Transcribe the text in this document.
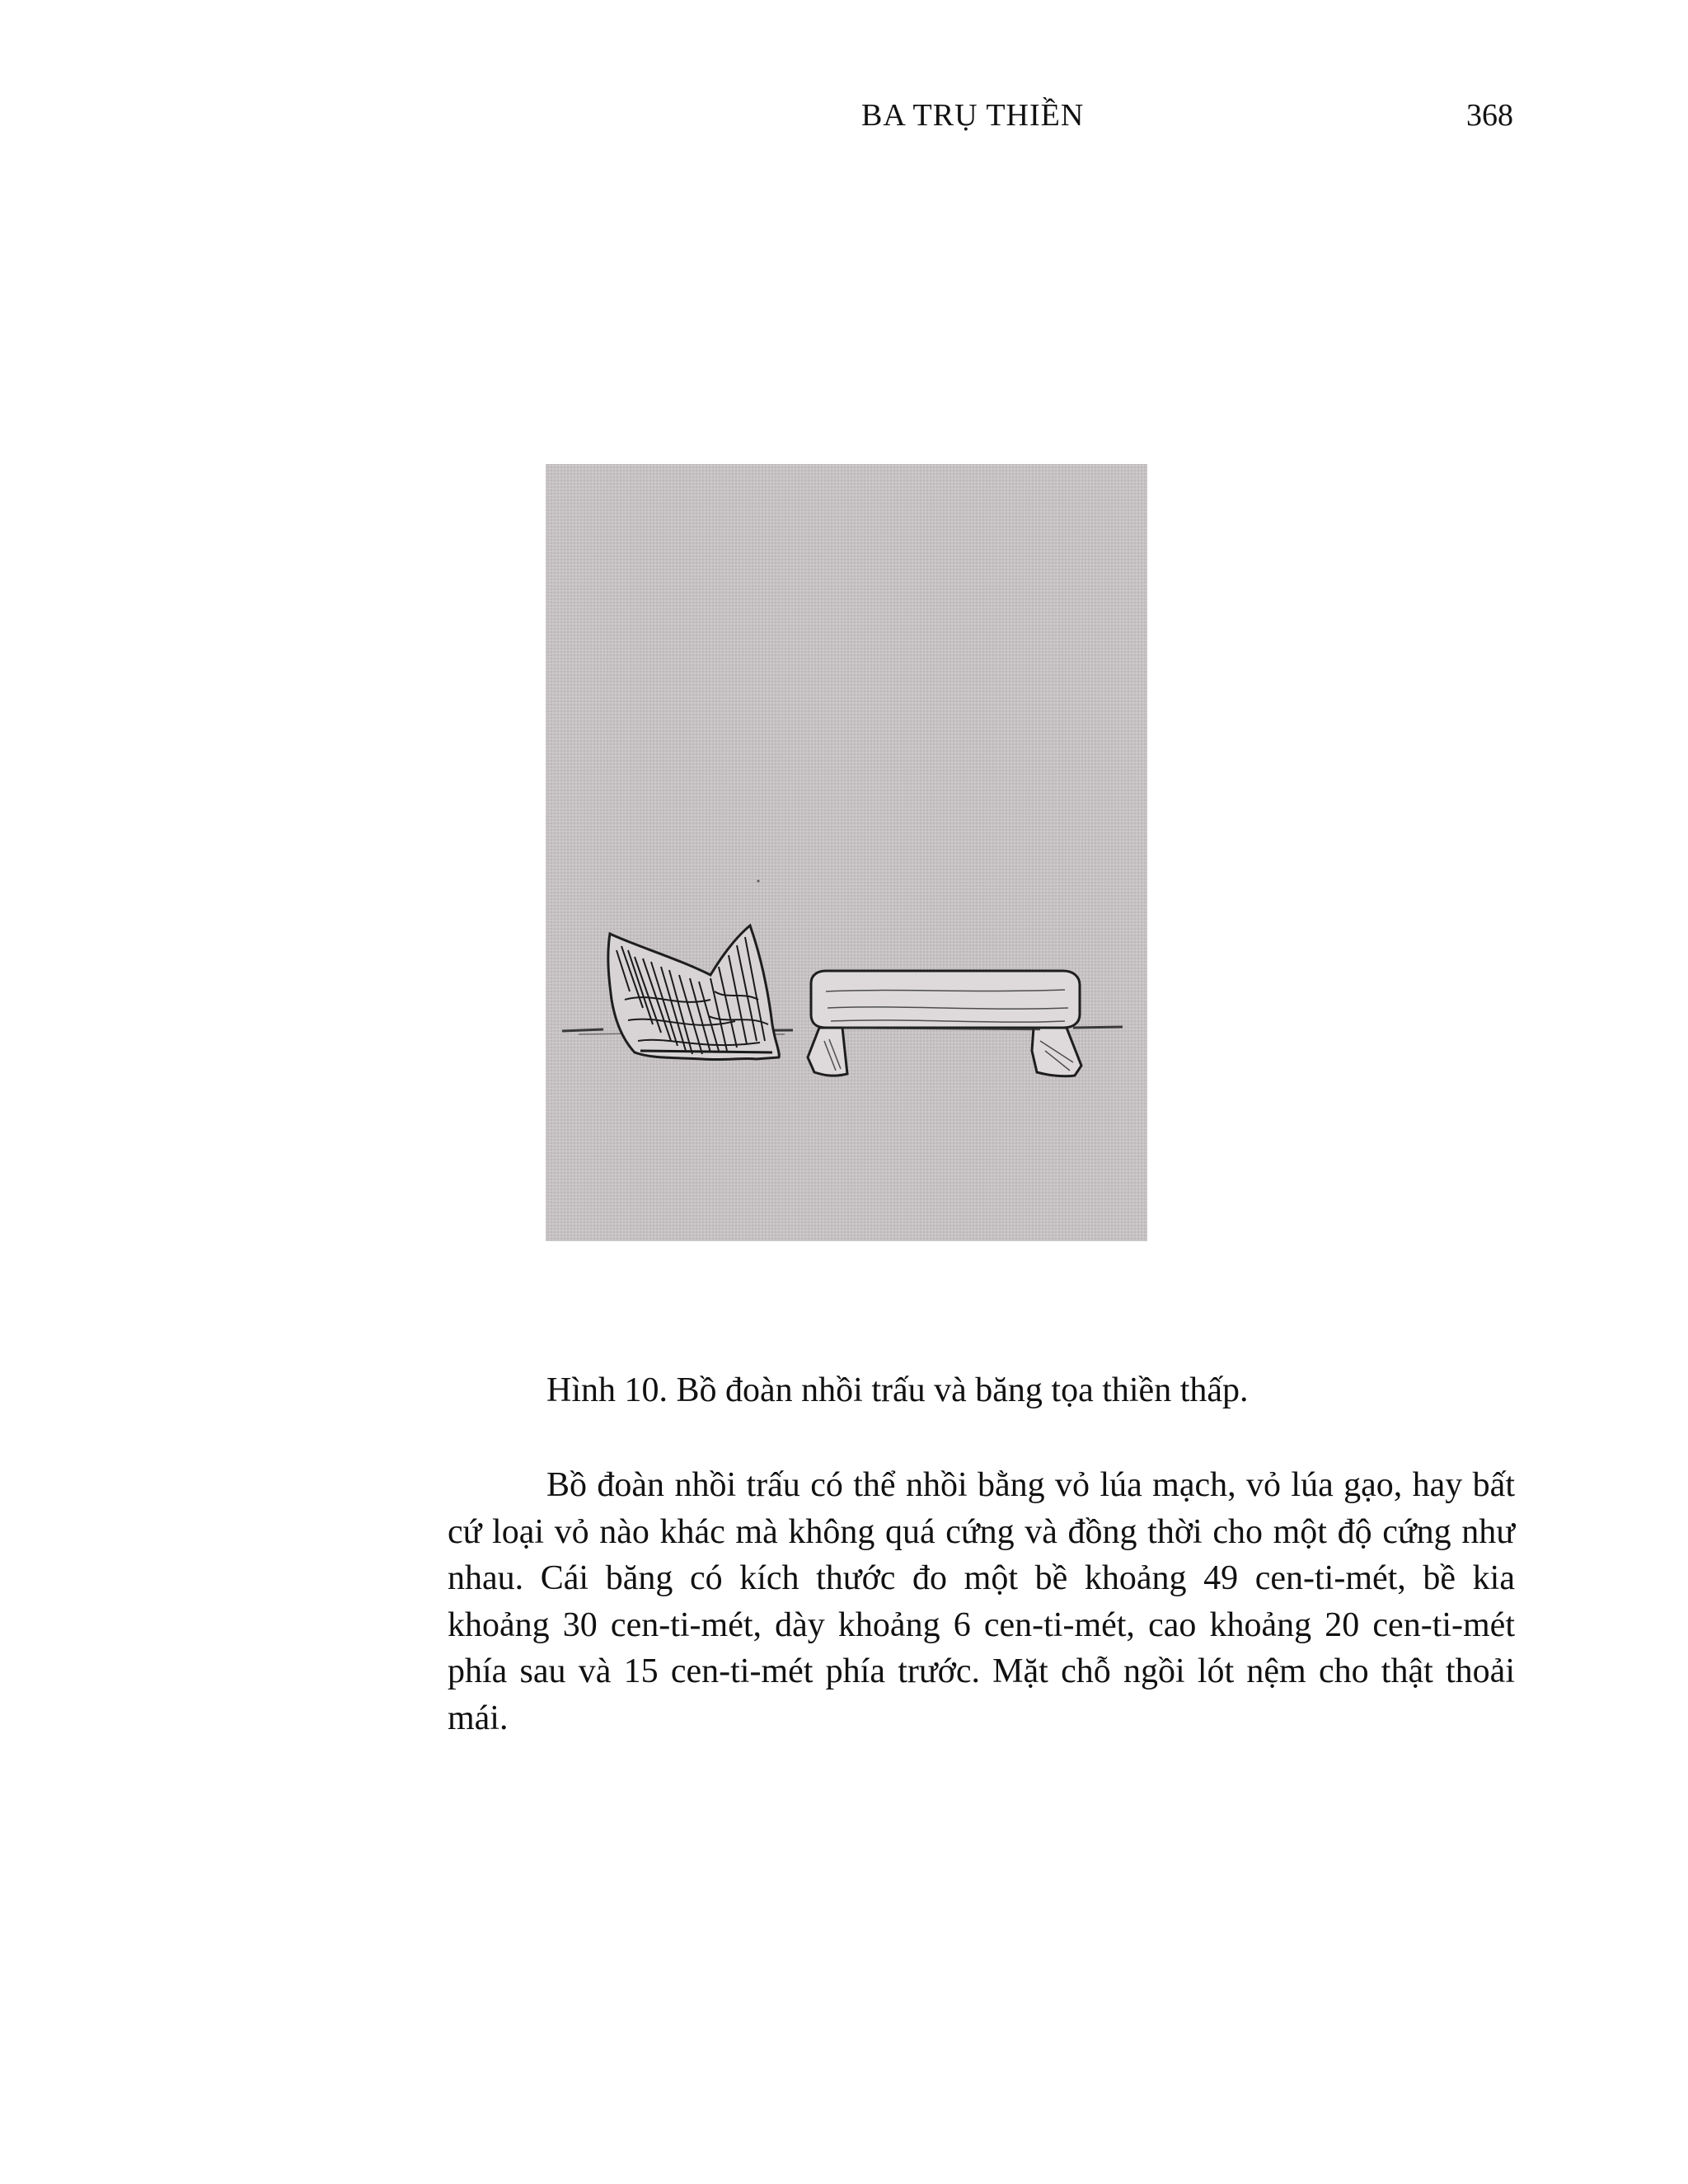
BA TRỤ THIỀN	368
Hình 10. Bồ đoàn nhồi trấu và băng tọa thiền thấp.

Bồ đoàn nhồi trấu có thể nhồi bằng vỏ lúa mạch, vỏ lúa gạo, hay bất cứ loại vỏ nào khác mà không quá cứng và đồng thời cho một độ cứng như nhau. Cái băng có kích thước đo một bề khoảng 49 cen-ti-mét, bề kia khoảng 30 cen-ti-mét, dày khoảng 6 cen-ti-mét, cao khoảng 20 cen-ti-mét phía sau và 15 cen-ti-mét phía trước. Mặt chỗ ngồi lót nệm cho thật thoải mái.
